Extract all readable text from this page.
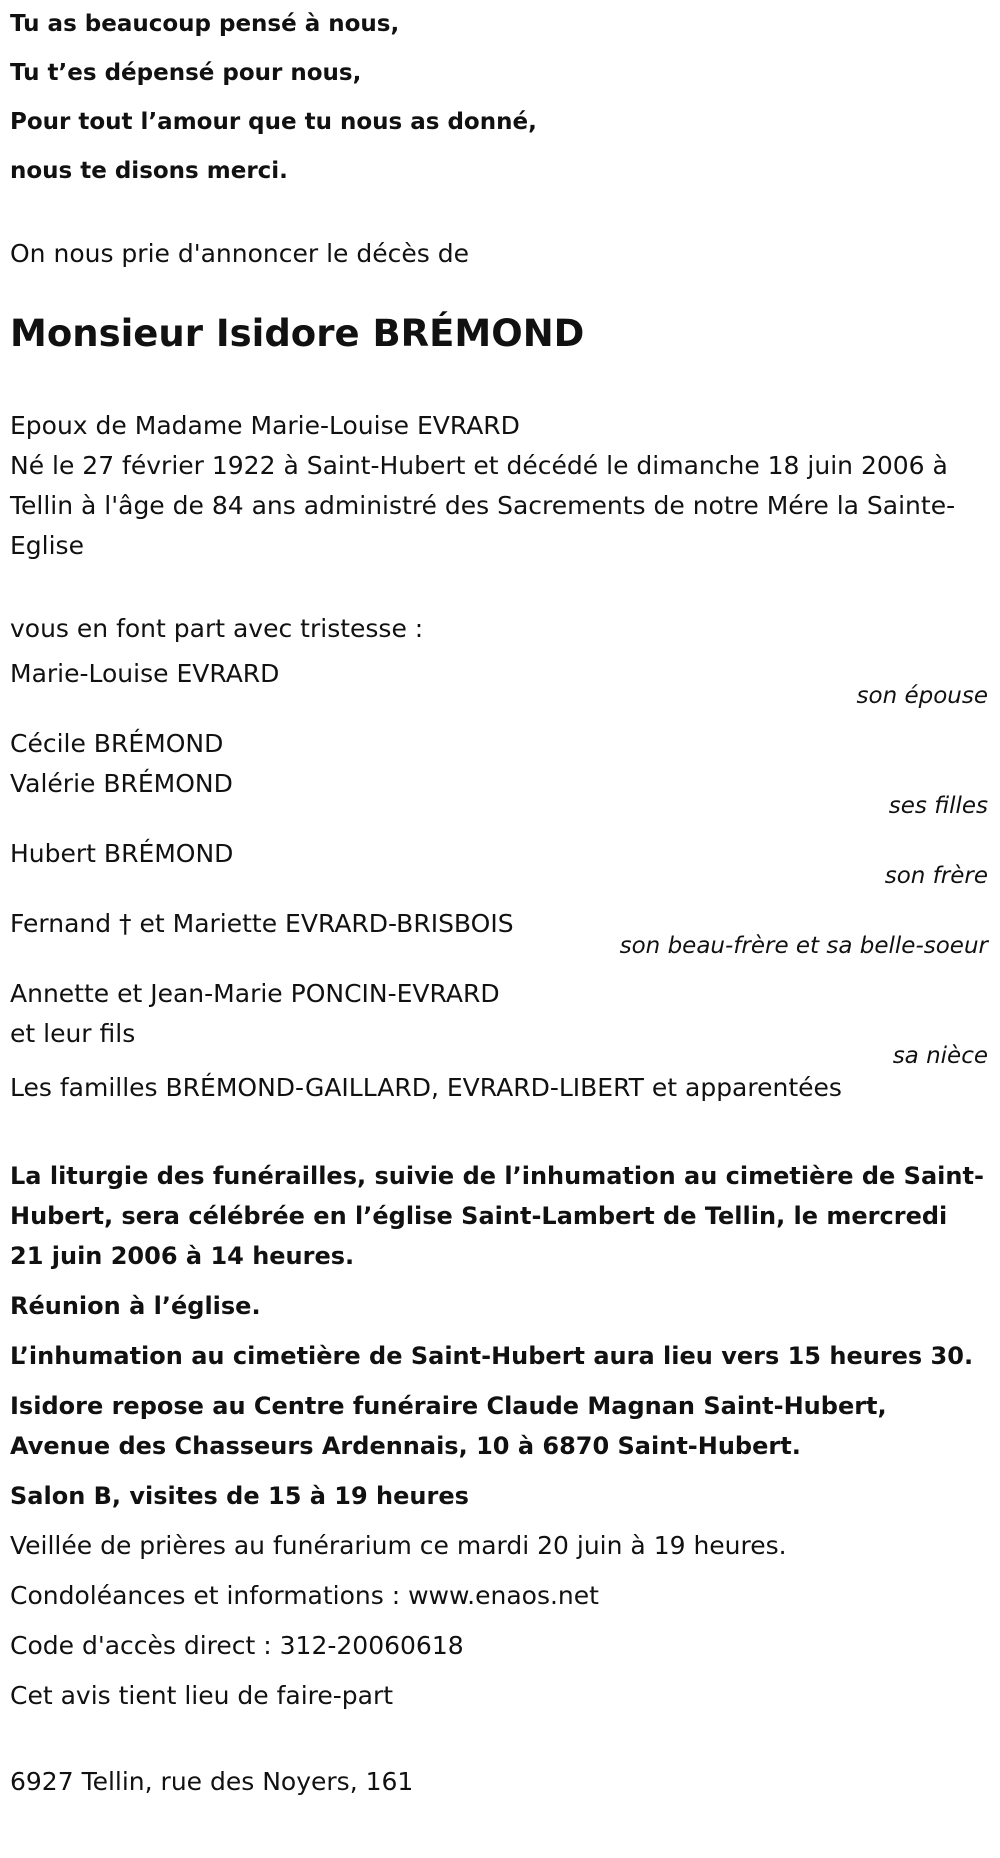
Tu as beaucoup pensé à nous,
Tu t’es dépensé pour nous,
Pour tout l’amour que tu nous as donné,
nous te disons merci.
On nous prie d'annoncer le décès de
Monsieur Isidore BRÉMOND
Epoux de Madame Marie-Louise EVRARD
Né le 27 février 1922 à Saint-Hubert et décédé le dimanche 18 juin 2006 à Tellin à l'âge de 84 ans administré des Sacrements de notre Mére la Sainte-Eglise
vous en font part avec tristesse :
Marie-Louise EVRARD
son épouse
Cécile BRÉMOND
Valérie BRÉMOND
ses filles
Hubert BRÉMOND
son frère
Fernand † et Mariette EVRARD-BRISBOIS
son beau-frère et sa belle-soeur
Annette et Jean-Marie PONCIN-EVRARD
et leur fils
sa nièce
Les familles BRÉMOND-GAILLARD, EVRARD-LIBERT et apparentées
La liturgie des funérailles, suivie de l’inhumation au cimetière de Saint-Hubert, sera célébrée en l’église Saint-Lambert de Tellin, le mercredi 21 juin 2006 à 14 heures.
Réunion à l’église.
L’inhumation au cimetière de Saint-Hubert aura lieu vers 15 heures 30.
Isidore repose au Centre funéraire Claude Magnan Saint-Hubert, Avenue des Chasseurs Ardennais, 10 à 6870 Saint-Hubert.
Salon B, visites de 15 à 19 heures
Veillée de prières au funérarium ce mardi 20 juin à 19 heures.
Condoléances et informations : www.enaos.net
Code d'accès direct : 312-20060618
Cet avis tient lieu de faire-part
6927 Tellin, rue des Noyers, 161
